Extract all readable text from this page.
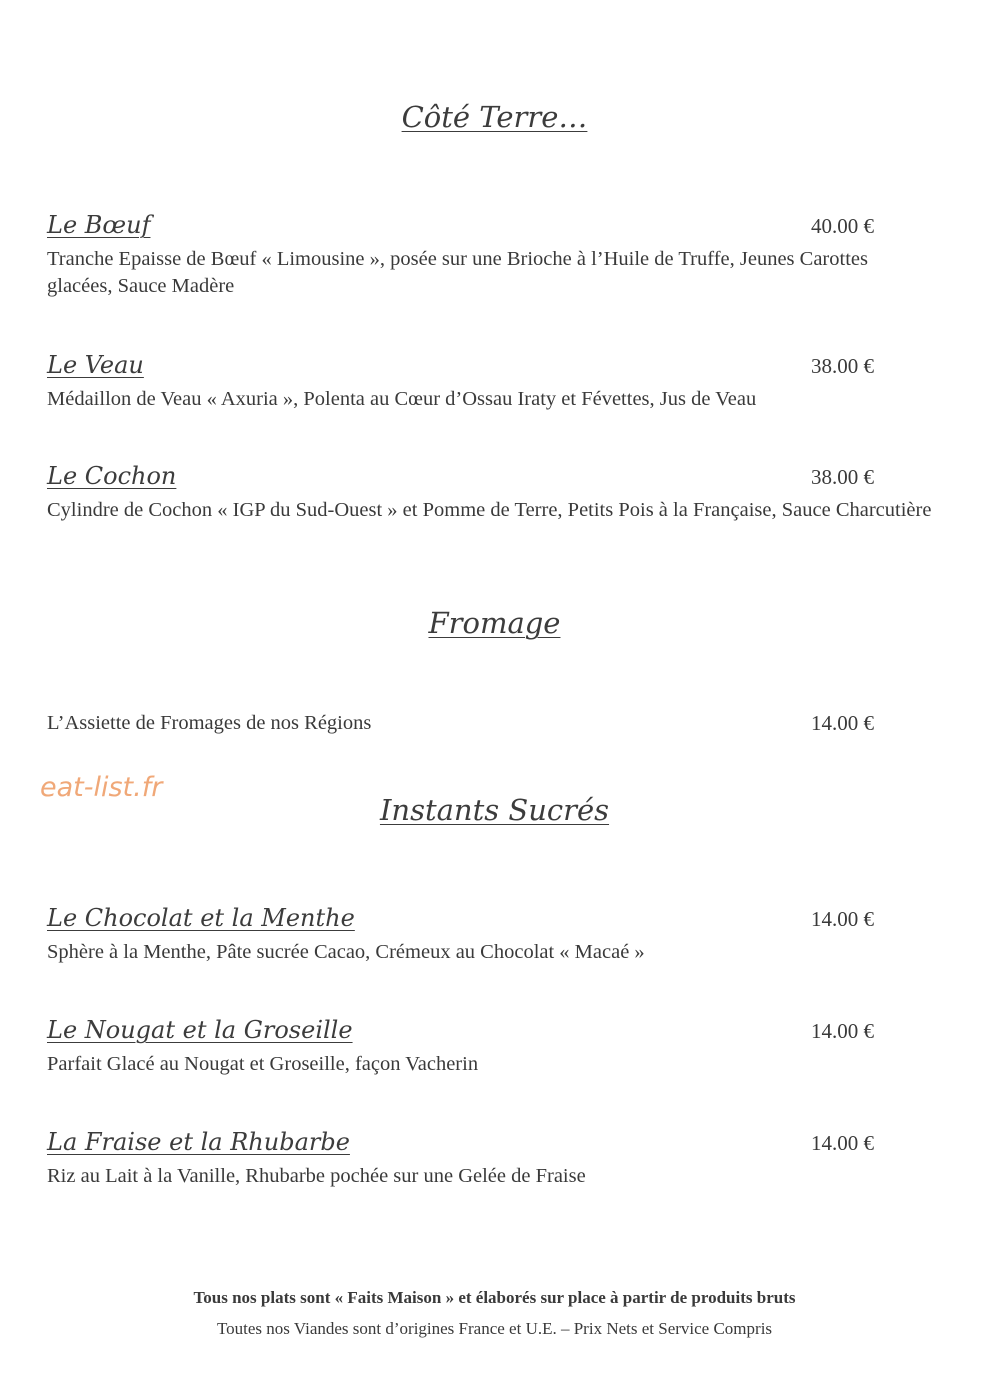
Côté Terre…
Le Bœuf	40.00 €
Tranche Epaisse de Bœuf « Limousine », posée sur une Brioche à l’Huile de Truffe, Jeunes Carottes glacées, Sauce Madère
Le Veau	38.00 €
Médaillon de Veau « Axuria », Polenta au Cœur d’Ossau Iraty et Févettes, Jus de Veau
Le Cochon	38.00 €
Cylindre de Cochon « IGP du Sud-Ouest » et Pomme de Terre, Petits Pois à la Française, Sauce Charcutière
Fromage
L’Assiette de Fromages de nos Régions	14.00 €
eat-list.fr
Instants Sucrés
Le Chocolat et la Menthe	14.00 €
Sphère à la Menthe, Pâte sucrée Cacao, Crémeux au Chocolat « Macaé »
Le Nougat et la Groseille	14.00 €
Parfait Glacé au Nougat et Groseille, façon Vacherin
La Fraise et la Rhubarbe	14.00 €
Riz au Lait à la Vanille, Rhubarbe pochée sur une Gelée de Fraise
Tous nos plats sont « Faits Maison » et élaborés sur place à partir de produits bruts
Toutes nos Viandes sont d’origines France et U.E. – Prix Nets et Service Compris
